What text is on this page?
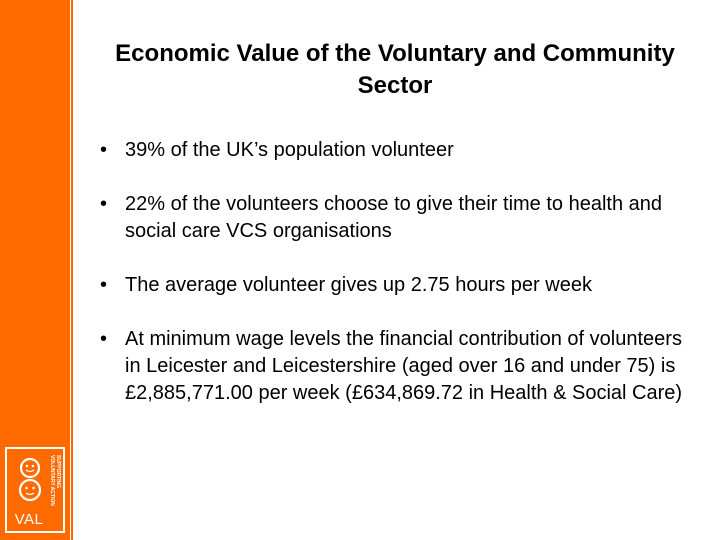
SUPPORTING
VOLUNTARY ACTION
VAL
Economic Value of the Voluntary and Community Sector
• 39% of the UK’s population volunteer
• 22% of the volunteers choose to give their time to health and social care VCS organisations
• The average volunteer gives up 2.75 hours per week
• At minimum wage levels the financial contribution of volunteers in Leicester and Leicestershire (aged over 16 and under 75) is £2,885,771.00 per week (£634,869.72 in Health & Social Care)
